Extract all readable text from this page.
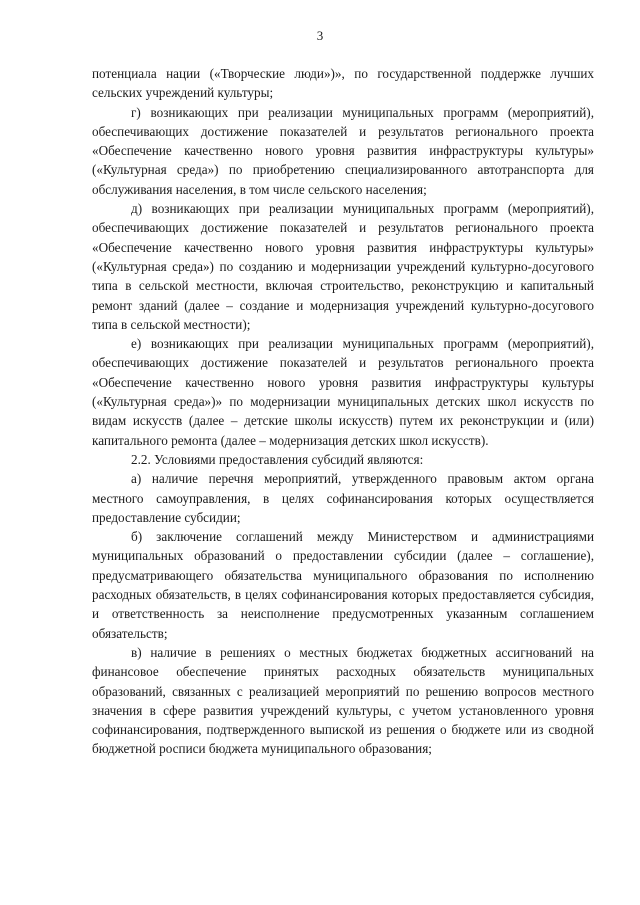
3

потенциала нации («Творческие люди»)», по государственной поддержке лучших сельских учреждений культуры;

г) возникающих при реализации муниципальных программ (мероприятий), обеспечивающих достижение показателей и результатов регионального проекта «Обеспечение качественно нового уровня развития инфраструктуры культуры» («Культурная среда») по приобретению специализированного автотранспорта для обслуживания населения, в том числе сельского населения;

д) возникающих при реализации муниципальных программ (мероприятий), обеспечивающих достижение показателей и результатов регионального проекта «Обеспечение качественно нового уровня развития инфраструктуры культуры» («Культурная среда») по созданию и модернизации учреждений культурно-досугового типа в сельской местности, включая строительство, реконструкцию и капитальный ремонт зданий (далее – создание и модернизация учреждений культурно-досугового типа в сельской местности);

е) возникающих при реализации муниципальных программ (мероприятий), обеспечивающих достижение показателей и результатов регионального проекта «Обеспечение качественно нового уровня развития инфраструктуры культуры («Культурная среда»)» по модернизации муниципальных детских школ искусств по видам искусств (далее – детские школы искусств) путем их реконструкции и (или) капитального ремонта (далее – модернизация детских школ искусств).

2.2. Условиями предоставления субсидий являются:

а) наличие перечня мероприятий, утвержденного правовым актом органа местного самоуправления, в целях софинансирования которых осуществляется предоставление субсидии;

б) заключение соглашений между Министерством и администрациями муниципальных образований о предоставлении субсидии (далее – соглашение), предусматривающего обязательства муниципального образования по исполнению расходных обязательств, в целях софинансирования которых предоставляется субсидия, и ответственность за неисполнение предусмотренных указанным соглашением обязательств;

в) наличие в решениях о местных бюджетах бюджетных ассигнований на финансовое обеспечение принятых расходных обязательств муниципальных образований, связанных с реализацией мероприятий по решению вопросов местного значения в сфере развития учреждений культуры, с учетом установленного уровня софинансирования, подтвержденного выпиской из решения о бюджете или из сводной бюджетной росписи бюджета муниципального образования;
